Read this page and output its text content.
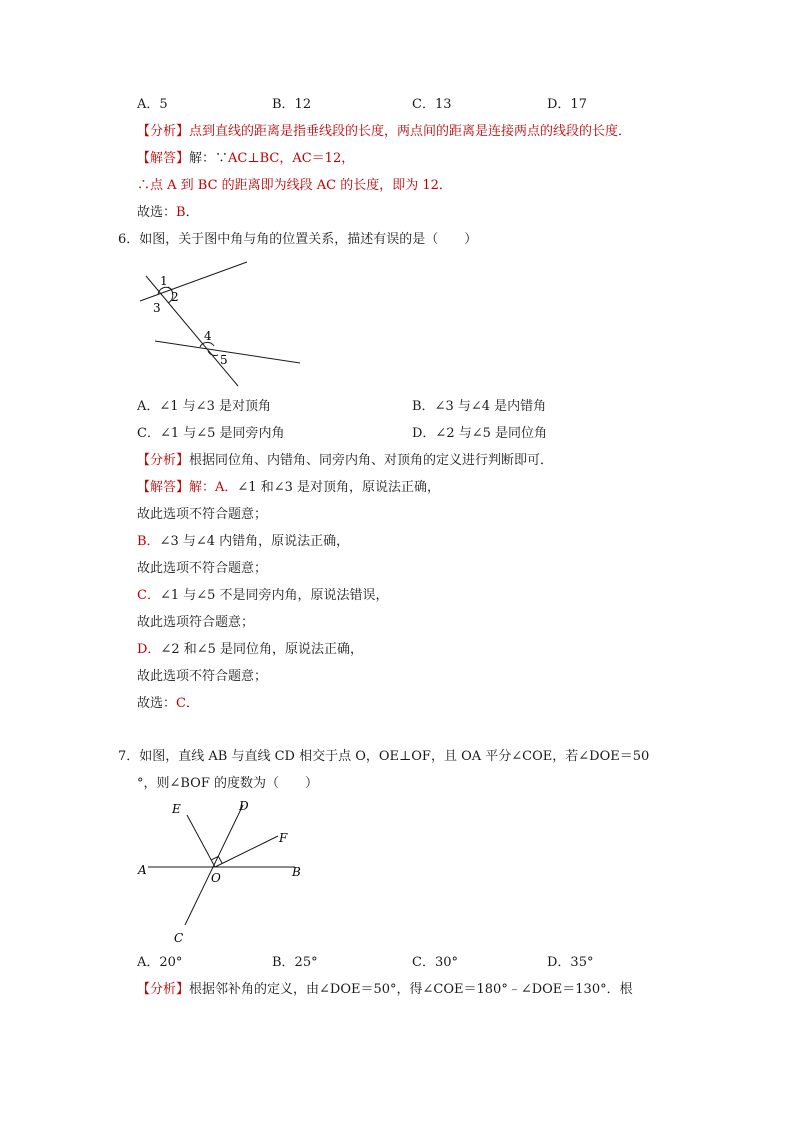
A．5	B．12	C．13	D．17
【分析】点到直线的距离是指垂线段的长度，两点间的距离是连接两点的线段的长度．
【解答】解：∵AC⊥BC，AC＝12，
∴点 A 到 BC 的距离即为线段 AC 的长度，即为 12．
故选：B．
6．如图，关于图中角与角的位置关系，描述有误的是（　　）
1
2
3
4
5
A．∠1 与∠3 是对顶角	B．∠3 与∠4 是内错角
C．∠1 与∠5 是同旁内角	D．∠2 与∠5 是同位角
【分析】根据同位角、内错角、同旁内角、对顶角的定义进行判断即可．
【解答】解：A．∠1 和∠3 是对顶角，原说法正确，
故此选项不符合题意；
B．∠3 与∠4 内错角，原说法正确，
故此选项不符合题意；
C．∠1 与∠5 不是同旁内角，原说法错误，
故此选项符合题意；
D．∠2 和∠5 是同位角，原说法正确，
故此选项不符合题意；
故选：C．
7．如图，直线 AB 与直线 CD 相交于点 O，OE⊥OF，且 OA 平分∠COE，若∠DOE＝50
°，则∠BOF 的度数为（　　）
E	D
F
A
O	B
C
A．20°	B．25°	C．30°	D．35°
【分析】根据邻补角的定义，由∠DOE＝50°，得∠COE＝180°﹣∠DOE＝130°．根
